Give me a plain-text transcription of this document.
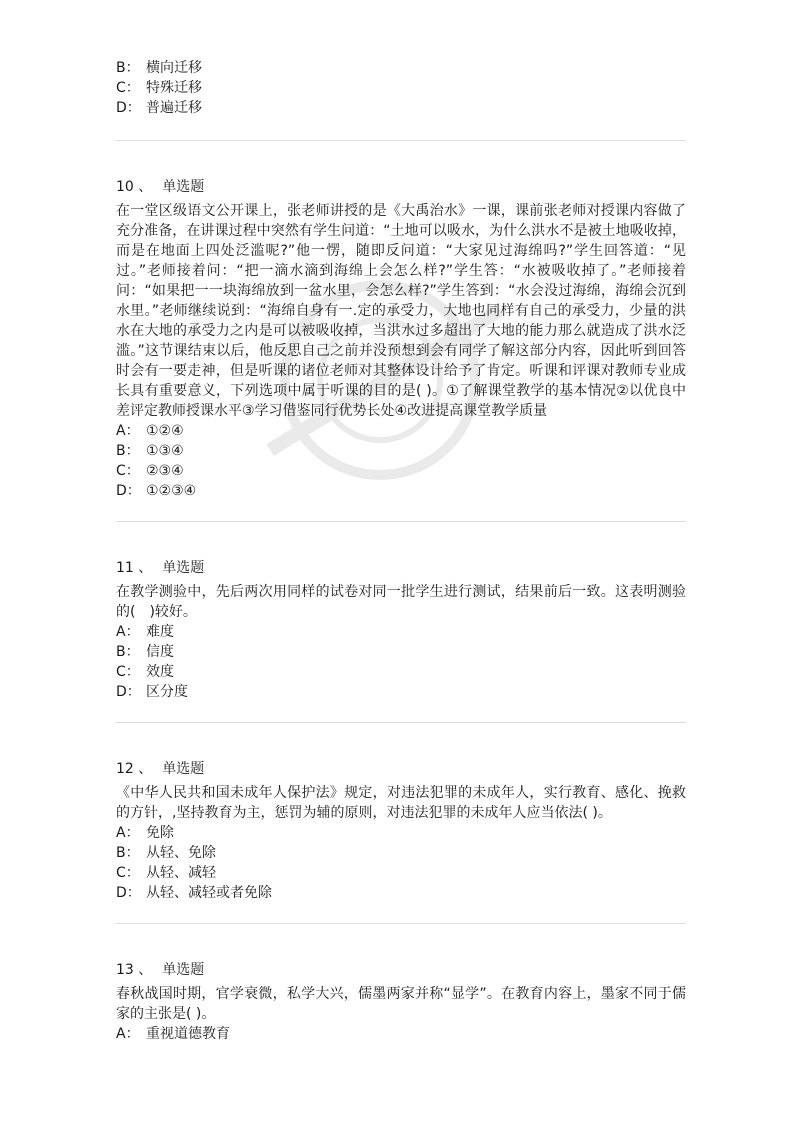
B： 横向迁移
C： 特殊迁移
D： 普遍迁移
10 、 单选题

在一堂区级语文公开课上，张老师讲授的是《大禹治水》一课，课前张老师对授课内容做了充分准备，在讲课过程中突然有学生问道：“土地可以吸水，为什么洪水不是被土地吸收掉，而是在地面上四处泛滥呢?”他一愣，随即反问道：“大家见过海绵吗?”学生回答道：“见过。”老师接着问：“把一滴水滴到海绵上会怎么样?”学生答：“水被吸收掉了。”老师接着问：“如果把一一块海绵放到一盆水里，会怎么样?”学生答到：“水会没过海绵，海绵会沉到水里。”老师继续说到：“海绵自身有一.定的承受力，大地也同样有自己的承受力，少量的洪水在大地的承受力之内是可以被吸收掉，当洪水过多超出了大地的能力那么就造成了洪水泛滥。”这节课结束以后，他反思自己之前并没预想到会有同学了解这部分内容，因此听到回答时会有一要走神，但是听课的诸位老师对其整体设计给予了肯定。听课和评课对教师专业成长具有重要意义，下列选项中属于听课的目的是( )。①了解课堂教学的基本情况②以优良中差评定教师授课水平③学习借鉴同行优势长处④改进提高课堂教学质量

A： ①②④
B： ①③④
C： ②③④
D： ①②③④
11 、 单选题

在教学测验中，先后两次用同样的试卷对同一批学生进行测试，结果前后一致。这表明测验的(　)较好。

A： 难度
B： 信度
C： 效度
D： 区分度
12 、 单选题

《中华人民共和国未成年人保护法》规定，对违法犯罪的未成年人，实行教育、感化、挽救的方针，,坚持教育为主，惩罚为辅的原则，对违法犯罪的未成年人应当依法( )。

A： 免除
B： 从轻、免除
C： 从轻、减轻
D： 从轻、减轻或者免除
13 、 单选题

春秋战国时期，官学衰微，私学大兴，儒墨两家并称“显学”。在教育内容上，墨家不同于儒家的主张是( )。

A： 重视道德教育
